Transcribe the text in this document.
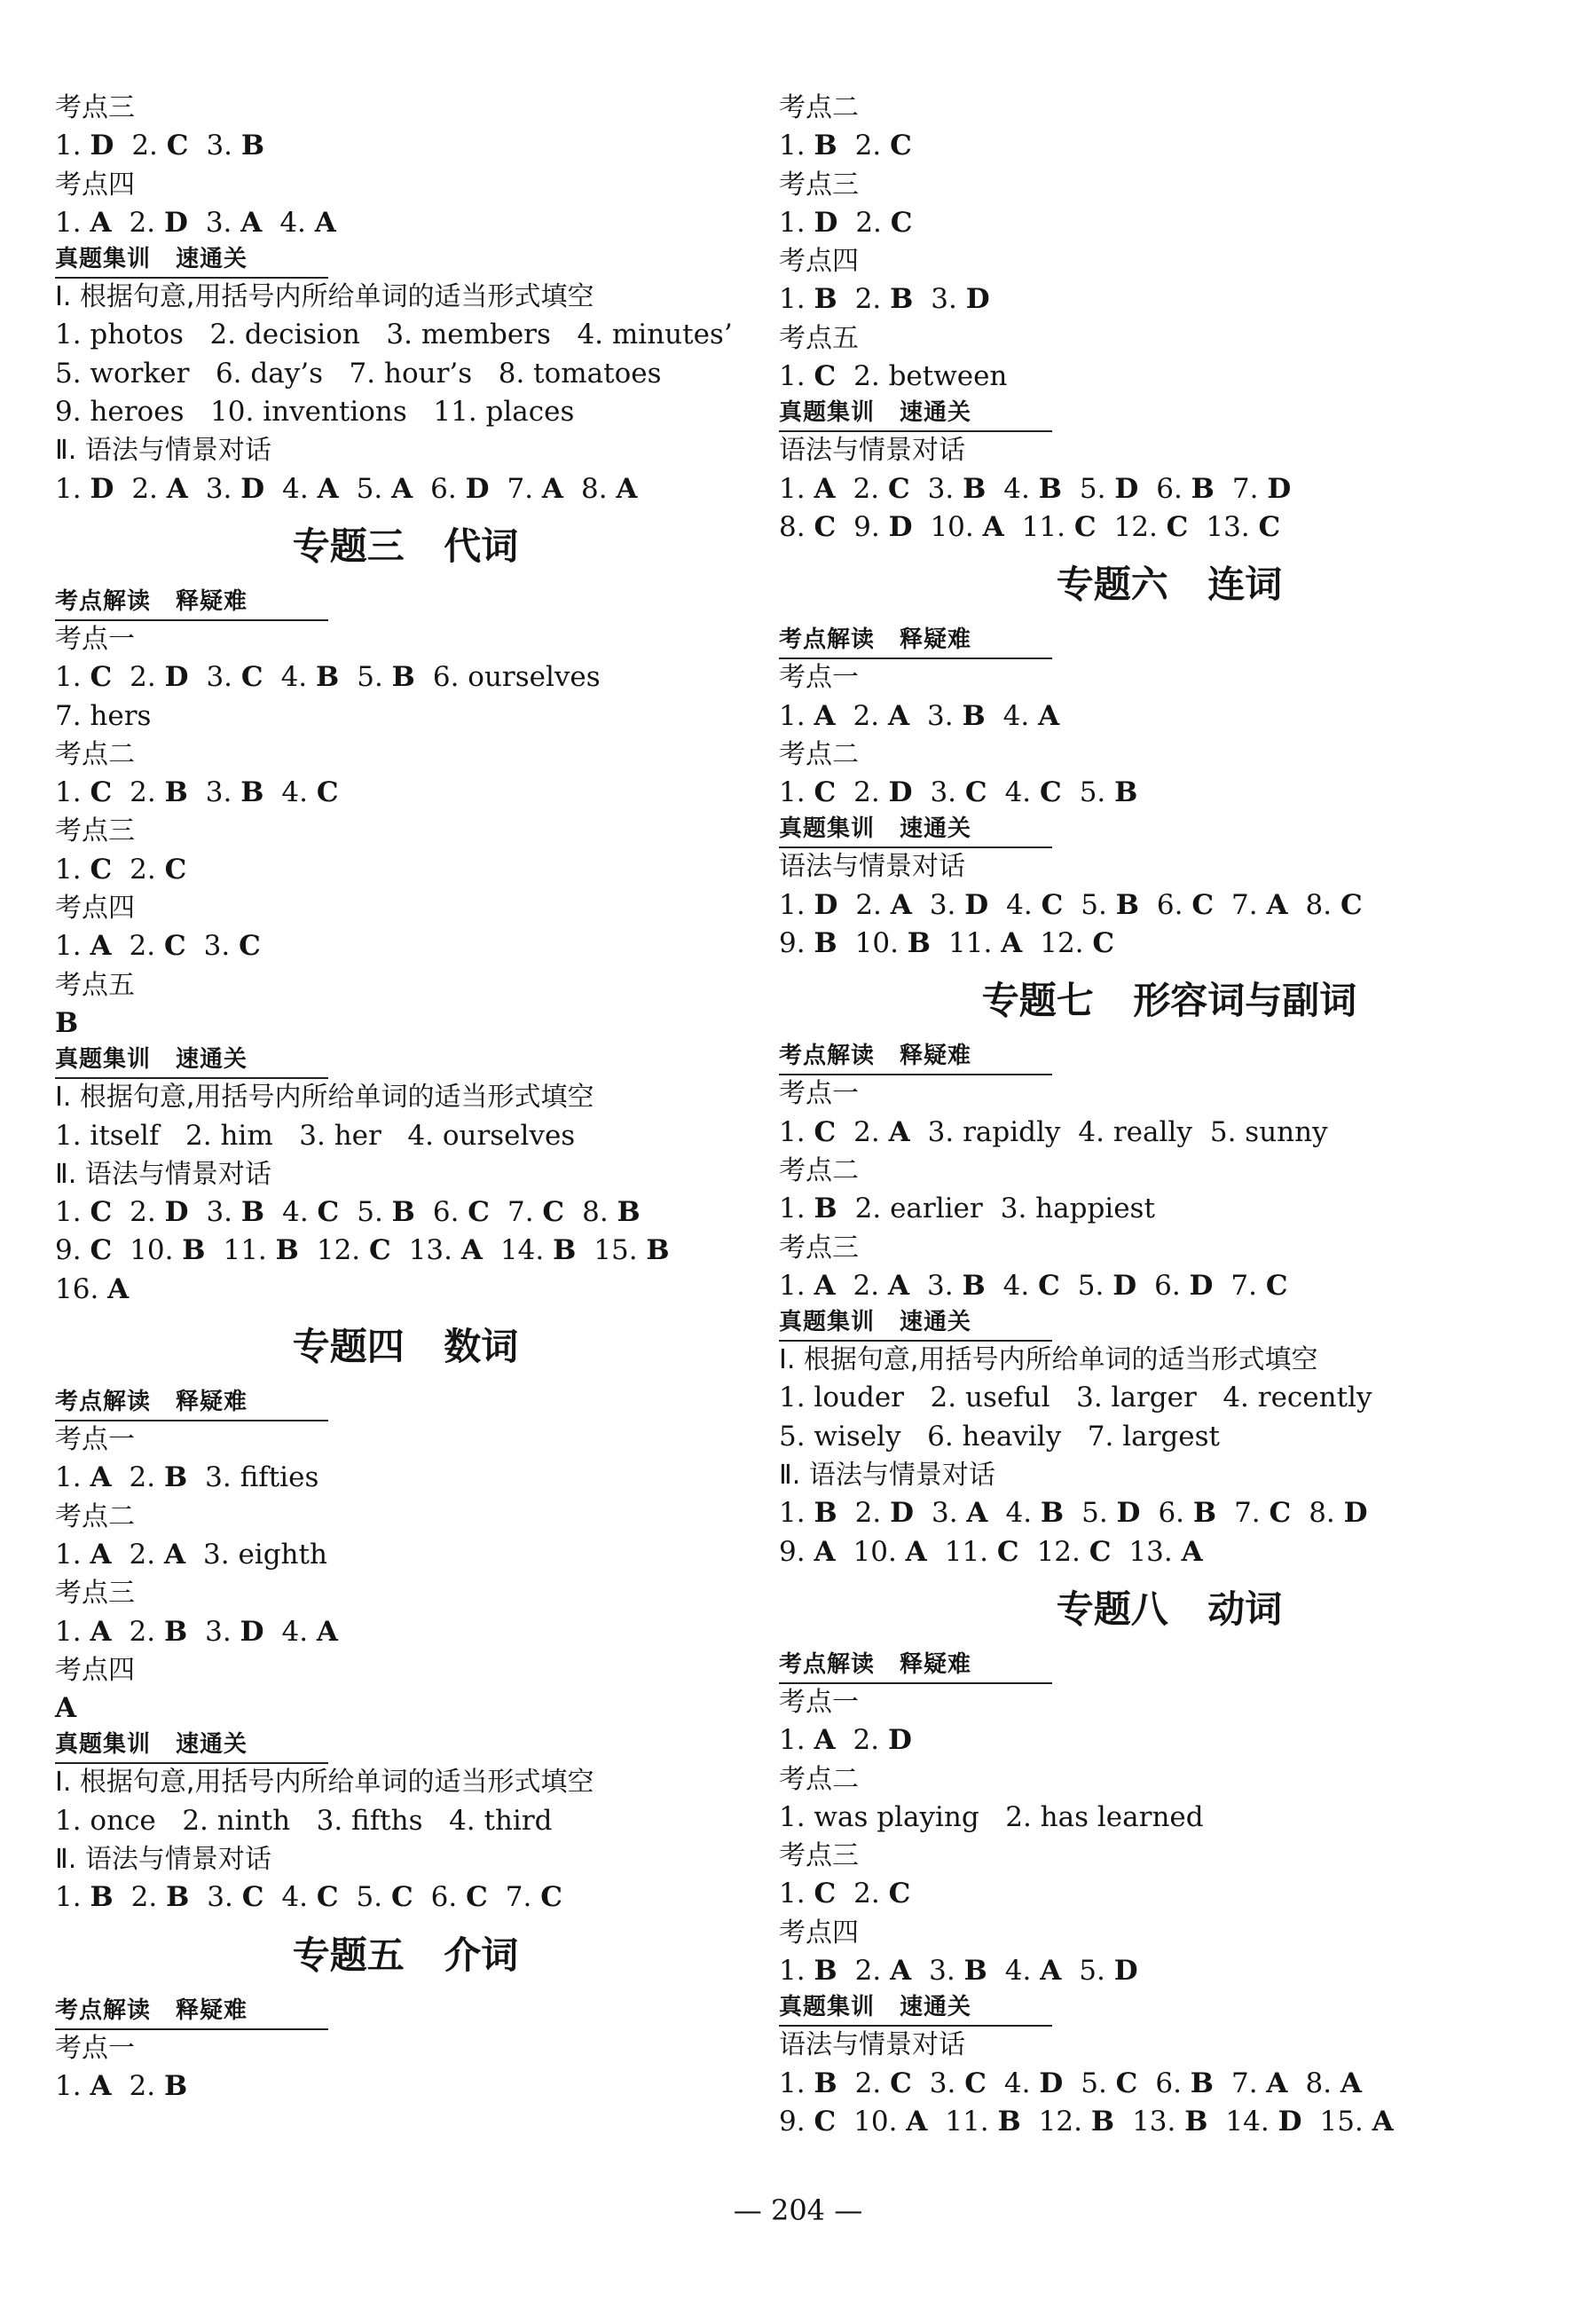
考点三
1. D 2. C 3. B
考点四
1. A 2. D 3. A 4. A
真题集训 速通关
Ⅰ. 根据句意,用括号内所给单词的适当形式填空
1. photos   2. decision   3. members   4. minutes’
5. worker   6. day’s   7. hour’s   8. tomatoes
9. heroes   10. inventions   11. places
Ⅱ. 语法与情景对话
1. D 2. A 3. D 4. A 5. A 6. D 7. A 8. A
专题三 代词
考点解读 释疑难
考点一
1. C 2. D 3. C 4. B 5. B 6. ourselves
7. hers
考点二
1. C 2. B 3. B 4. C
考点三
1. C 2. C
考点四
1. A 2. C 3. C
考点五
B
真题集训 速通关
Ⅰ. 根据句意,用括号内所给单词的适当形式填空
1. itself   2. him   3. her   4. ourselves
Ⅱ. 语法与情景对话
1. C 2. D 3. B 4. C 5. B 6. C 7. C 8. B
9. C 10. B 11. B 12. C 13. A 14. B 15. B
16. A
专题四 数词
考点解读 释疑难
考点一
1. A 2. B 3. fifties
考点二
1. A 2. A 3. eighth
考点三
1. A 2. B 3. D 4. A
考点四
A
真题集训 速通关
Ⅰ. 根据句意,用括号内所给单词的适当形式填空
1. once   2. ninth   3. fifths   4. third
Ⅱ. 语法与情景对话
1. B 2. B 3. C 4. C 5. C 6. C 7. C
专题五 介词
考点解读 释疑难
考点一
1. A 2. B
考点二
1. B 2. C
考点三
1. D 2. C
考点四
1. B 2. B 3. D
考点五
1. C 2. between
真题集训 速通关
语法与情景对话
1. A 2. C 3. B 4. B 5. D 6. B 7. D
8. C 9. D 10. A 11. C 12. C 13. C
专题六 连词
考点解读 释疑难
考点一
1. A 2. A 3. B 4. A
考点二
1. C 2. D 3. C 4. C 5. B
真题集训 速通关
语法与情景对话
1. D 2. A 3. D 4. C 5. B 6. C 7. A 8. C
9. B 10. B 11. A 12. C
专题七 形容词与副词
考点解读 释疑难
考点一
1. C 2. A 3. rapidly 4. really 5. sunny
考点二
1. B 2. earlier 3. happiest
考点三
1. A 2. A 3. B 4. C 5. D 6. D 7. C
真题集训 速通关
Ⅰ. 根据句意,用括号内所给单词的适当形式填空
1. louder   2. useful   3. larger   4. recently
5. wisely   6. heavily   7. largest
Ⅱ. 语法与情景对话
1. B 2. D 3. A 4. B 5. D 6. B 7. C 8. D
9. A 10. A 11. C 12. C 13. A
专题八 动词
考点解读 释疑难
考点一
1. A 2. D
考点二
1. was playing   2. has learned
考点三
1. C 2. C
考点四
1. B 2. A 3. B 4. A 5. D
真题集训 速通关
语法与情景对话
1. B 2. C 3. C 4. D 5. C 6. B 7. A 8. A
9. C 10. A 11. B 12. B 13. B 14. D 15. A
— 204 —
